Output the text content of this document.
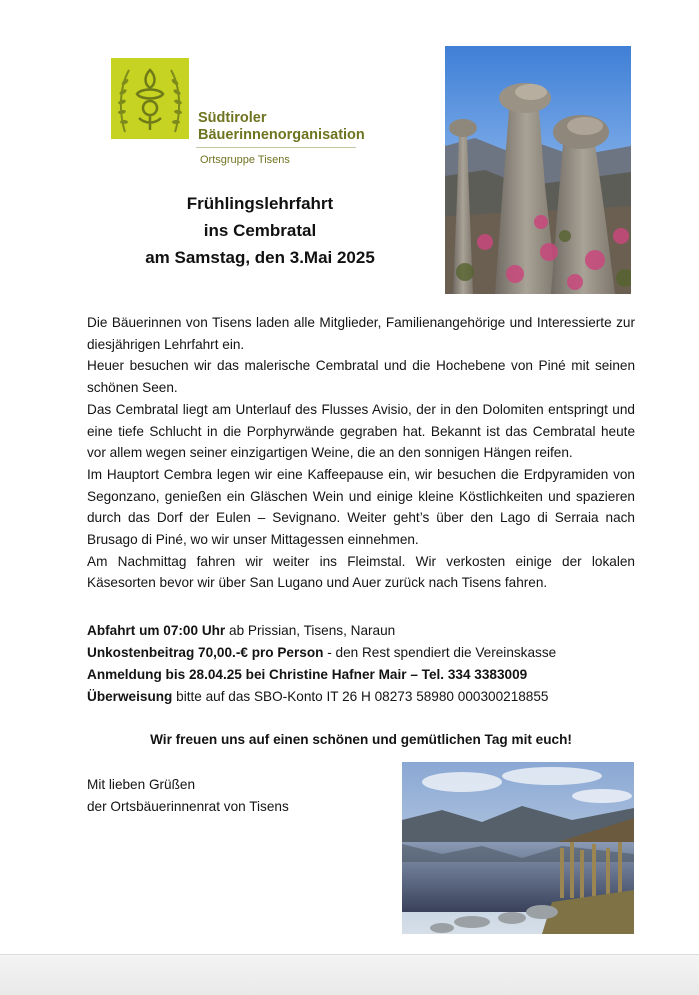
Südtiroler
Bäuerinnenorganisation
Ortsgruppe Tisens
Frühlingslehrfahrt
ins Cembratal
am Samstag, den 3.Mai 2025

Die Bäuerinnen von Tisens laden alle Mitglieder, Familienangehörige und Interessierte zur diesjährigen Lehrfahrt ein.

Heuer besuchen wir das malerische Cembratal und die Hochebene von Piné mit seinen schönen Seen.

Das Cembratal liegt am Unterlauf des Flusses Avisio, der in den Dolomiten entspringt und eine tiefe Schlucht in die Porphyrwände gegraben hat. Bekannt ist das Cembratal heute vor allem wegen seiner einzigartigen Weine, die an den sonnigen Hängen reifen.

Im Hauptort Cembra legen wir eine Kaffeepause ein, wir besuchen die Erdpyramiden von Segonzano, genießen ein Gläschen Wein und einige kleine Köstlichkeiten und spazieren durch das Dorf der Eulen – Sevignano. Weiter geht’s über den Lago di Serraia nach Brusago di Piné, wo wir unser Mittagessen einnehmen.

Am Nachmittag fahren wir weiter ins Fleimstal. Wir verkosten einige der lokalen Käsesorten bevor wir über San Lugano und Auer zurück nach Tisens fahren.

Abfahrt um 07:00 Uhr ab Prissian, Tisens, Naraun
Unkostenbeitrag 70,00.-€ pro Person - den Rest spendiert die Vereinskasse
Anmeldung bis 28.04.25 bei Christine Hafner Mair – Tel. 334 3383009
Überweisung bitte auf das SBO-Konto IT 26 H 08273 58980 000300218855
Wir freuen uns auf einen schönen und gemütlichen Tag mit euch!
Mit lieben Grüßen
der Ortsbäuerinnenrat von Tisens
